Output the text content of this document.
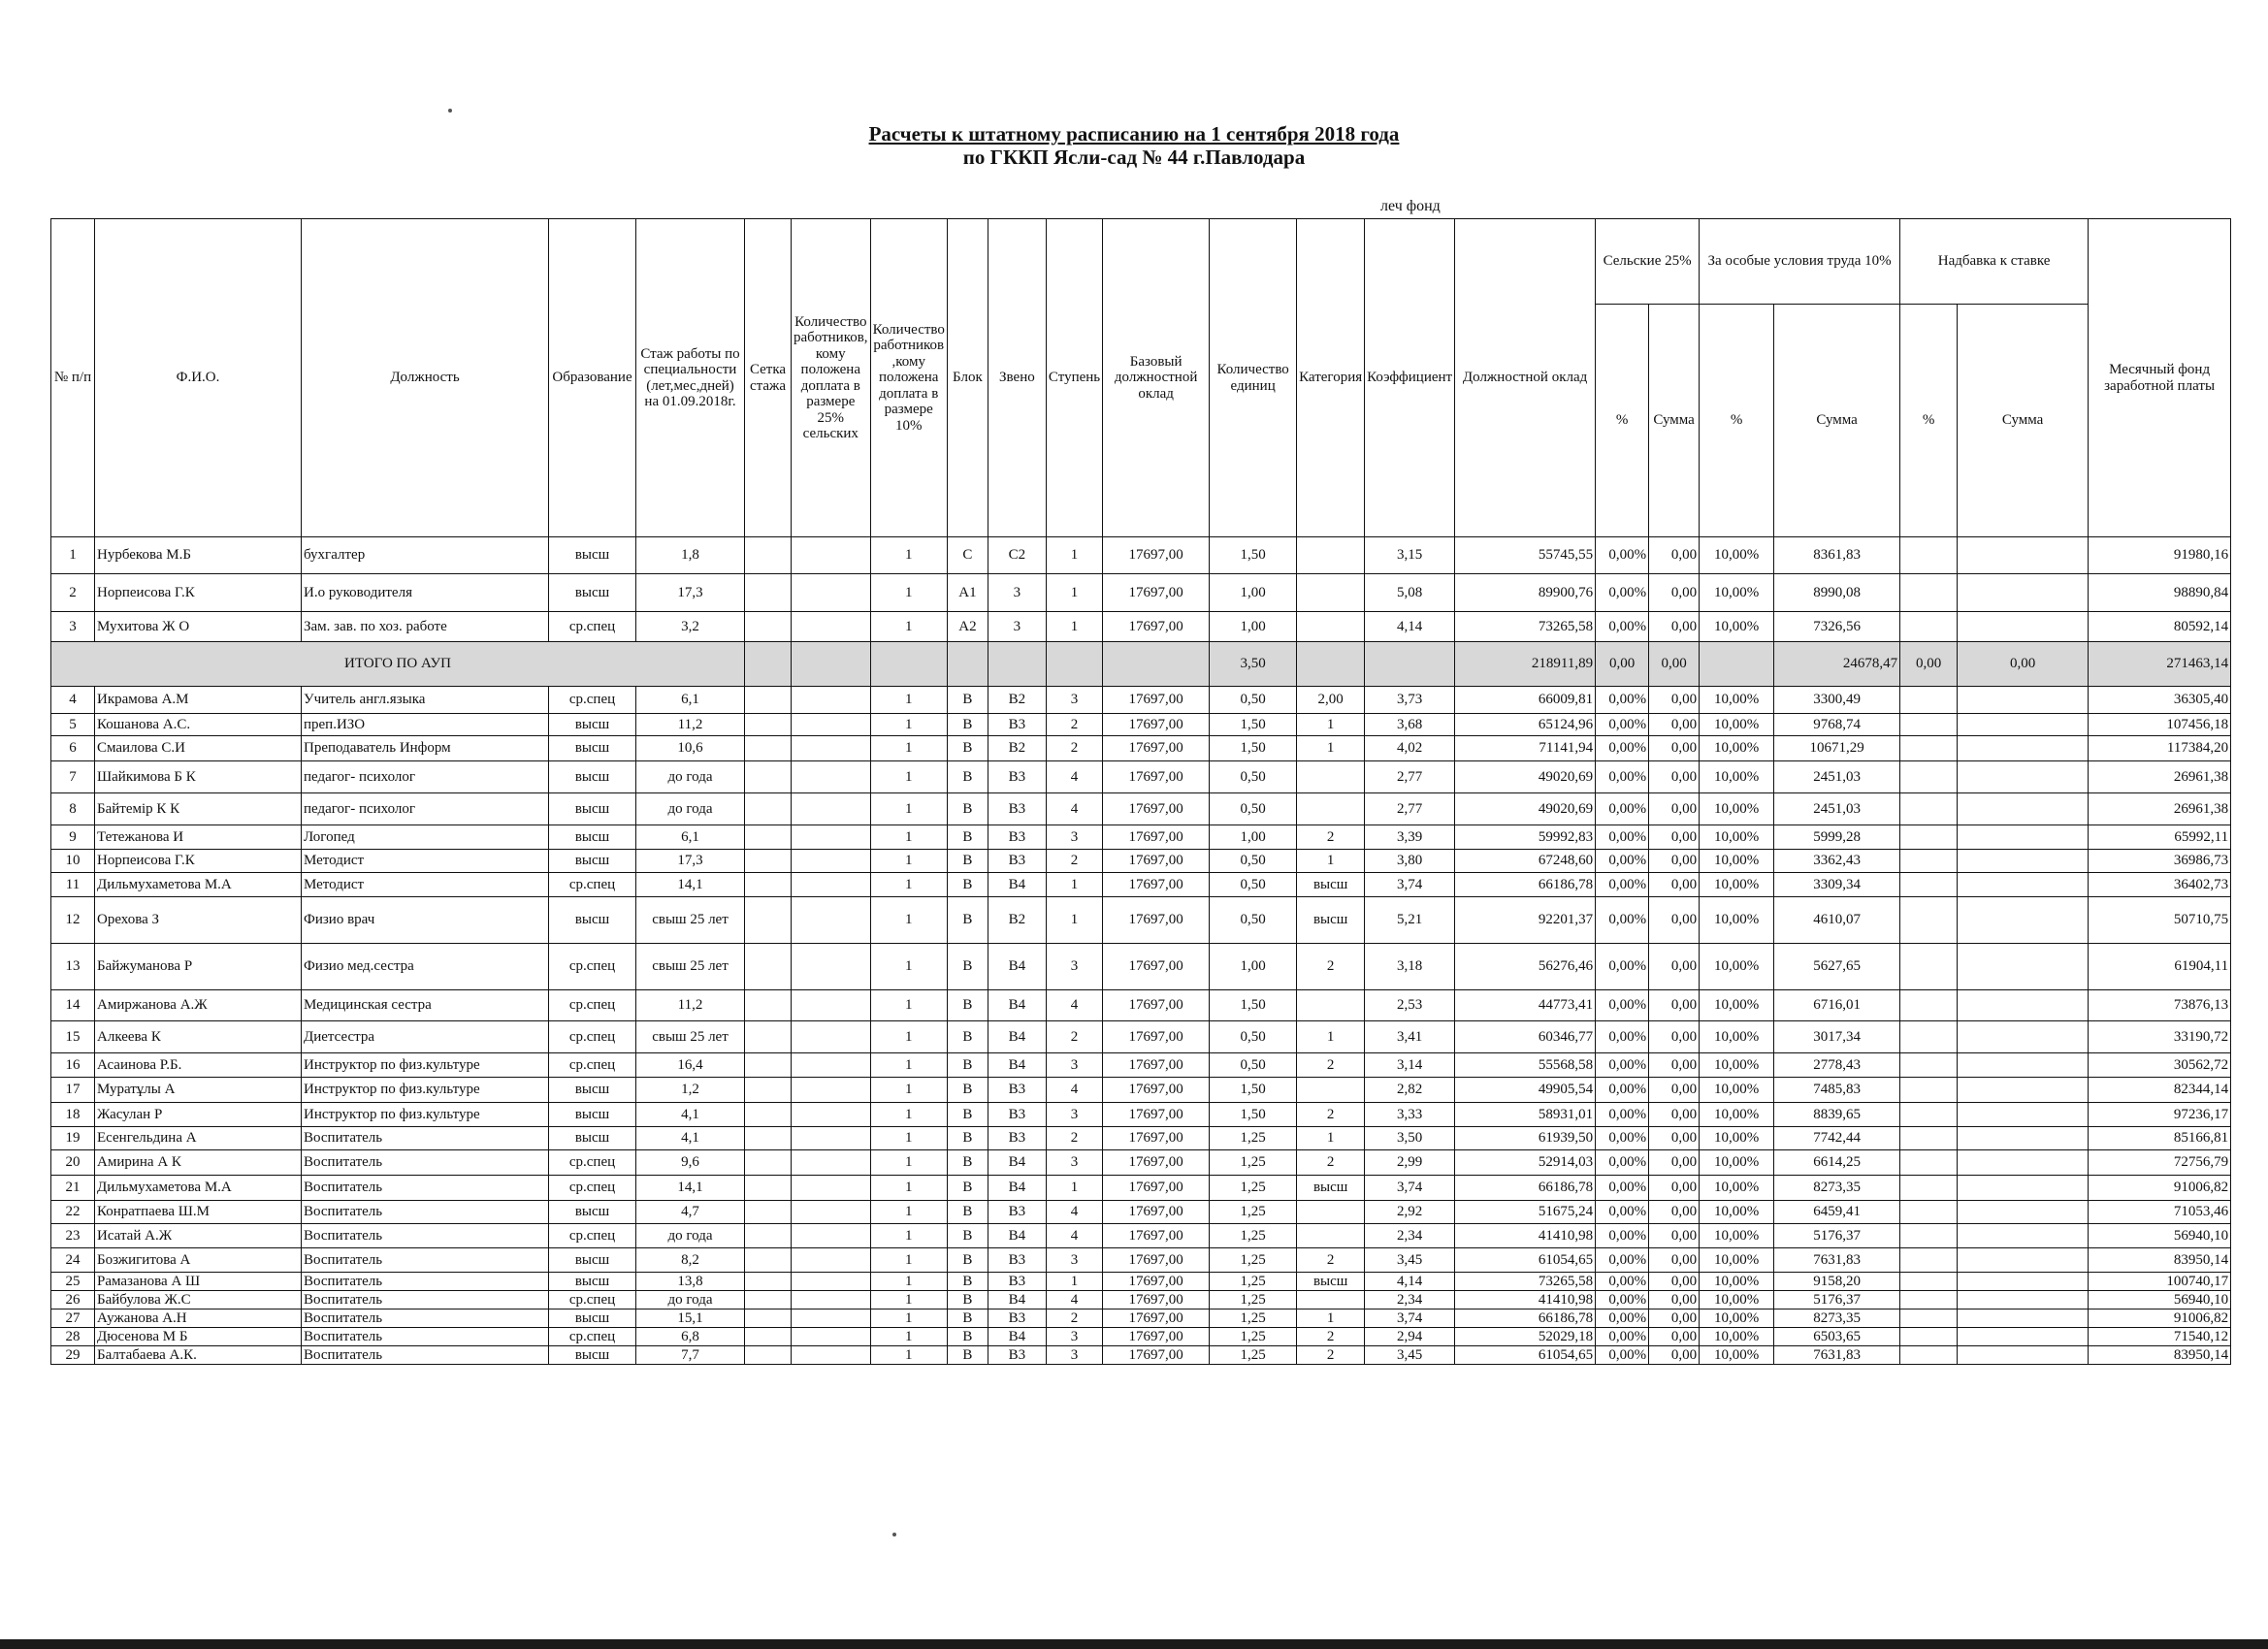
Расчеты к штатному расписанию на 1 сентября 2018 года
по ГККП Ясли-сад № 44 г.Павлодара
леч фонд
№ п/п	Ф.И.О.	Должность	Образование	Стаж работы по специальности (лет,мес,дней) на 01.09.2018г.	Сетка стажа	Количество работников, кому положена доплата в размере 25% сельских	Количество работников ,кому положена доплата в размере 10%	Блок	Звено	Ступень	Базовый должностной оклад	Количество единиц	Категория	Коэффициент	Должностной оклад	Сельские 25%		За особые условия труда 10%		Надбавка к ставке		Месячный фонд заработной платы
																%	Сумма	%	Сумма	%	Сумма	
1	Нурбекова М.Б	бухгалтер	высш	1,8			1	С	С2	1	17697,00	1,50		3,15	55745,55	0,00%	0,00	10,00%	8361,83			91980,16
2	Норпеисова Г.К	И.о руководителя	высш	17,3			1	А1	3	1	17697,00	1,00		5,08	89900,76	0,00%	0,00	10,00%	8990,08			98890,84
3	Мухитова Ж О	Зам. зав. по хоз. работе	ср.спец	3,2			1	А2	3	1	17697,00	1,00		4,14	73265,58	0,00%	0,00	10,00%	7326,56			80592,14
ИТОГО ПО АУП												3,50			218911,89	0,00	0,00		24678,47	0,00	0,00	271463,14
4	Икрамова А.М	Учитель англ.языка	ср.спец	6,1			1	В	В2	3	17697,00	0,50	2,00	3,73	66009,81	0,00%	0,00	10,00%	3300,49			36305,40
5	Кошанова А.С.	преп.ИЗО	высш	11,2			1	В	В3	2	17697,00	1,50	1	3,68	65124,96	0,00%	0,00	10,00%	9768,74			107456,18
6	Смаилова С.И	Преподаватель Информ	высш	10,6			1	В	В2	2	17697,00	1,50	1	4,02	71141,94	0,00%	0,00	10,00%	10671,29			117384,20
7	Шайкимова Б К	педагог- психолог	высш	до года			1	В	В3	4	17697,00	0,50		2,77	49020,69	0,00%	0,00	10,00%	2451,03			26961,38
8	Байтемір К К	педагог- психолог	высш	до года			1	В	В3	4	17697,00	0,50		2,77	49020,69	0,00%	0,00	10,00%	2451,03			26961,38
9	Тетежанова И	Логопед	высш	6,1			1	В	В3	3	17697,00	1,00	2	3,39	59992,83	0,00%	0,00	10,00%	5999,28			65992,11
10	Норпеисова Г.К	Методист	высш	17,3			1	В	В3	2	17697,00	0,50	1	3,80	67248,60	0,00%	0,00	10,00%	3362,43			36986,73
11	Дильмухаметова М.А	Методист	ср.спец	14,1			1	В	В4	1	17697,00	0,50	высш	3,74	66186,78	0,00%	0,00	10,00%	3309,34			36402,73
12	Орехова З	Физио врач	высш	свыш 25 лет			1	В	В2	1	17697,00	0,50	высш	5,21	92201,37	0,00%	0,00	10,00%	4610,07			50710,75
13	Байжуманова Р	Физио мед.сестра	ср.спец	свыш 25 лет			1	В	В4	3	17697,00	1,00	2	3,18	56276,46	0,00%	0,00	10,00%	5627,65			61904,11
14	Амиржанова А.Ж	Медицинская сестра	ср.спец	11,2			1	В	В4	4	17697,00	1,50		2,53	44773,41	0,00%	0,00	10,00%	6716,01			73876,13
15	Алкеева К	Диетсестра	ср.спец	свыш 25 лет			1	В	В4	2	17697,00	0,50	1	3,41	60346,77	0,00%	0,00	10,00%	3017,34			33190,72
16	Асаинова Р.Б.	Инструктор по физ.культуре	ср.спец	16,4			1	В	В4	3	17697,00	0,50	2	3,14	55568,58	0,00%	0,00	10,00%	2778,43			30562,72
17	Муратұлы А	Инструктор по физ.культуре	высш	1,2			1	В	В3	4	17697,00	1,50		2,82	49905,54	0,00%	0,00	10,00%	7485,83			82344,14
18	Жасулан Р	Инструктор по физ.культуре	высш	4,1			1	В	В3	3	17697,00	1,50	2	3,33	58931,01	0,00%	0,00	10,00%	8839,65			97236,17
19	Есенгельдина А	Воспитатель	высш	4,1			1	В	В3	2	17697,00	1,25	1	3,50	61939,50	0,00%	0,00	10,00%	7742,44			85166,81
20	Амирина А К	Воспитатель	ср.спец	9,6			1	В	В4	3	17697,00	1,25	2	2,99	52914,03	0,00%	0,00	10,00%	6614,25			72756,79
21	Дильмухаметова М.А	Воспитатель	ср.спец	14,1			1	В	В4	1	17697,00	1,25	высш	3,74	66186,78	0,00%	0,00	10,00%	8273,35			91006,82
22	Конратпаева Ш.М	Воспитатель	высш	4,7			1	В	В3	4	17697,00	1,25		2,92	51675,24	0,00%	0,00	10,00%	6459,41			71053,46
23	Исатай А.Ж	Воспитатель	ср.спец	до года			1	В	В4	4	17697,00	1,25		2,34	41410,98	0,00%	0,00	10,00%	5176,37			56940,10
24	Бозжигитова А	Воспитатель	высш	8,2			1	В	В3	3	17697,00	1,25	2	3,45	61054,65	0,00%	0,00	10,00%	7631,83			83950,14
25	Рамазанова А Ш	Воспитатель	высш	13,8			1	В	В3	1	17697,00	1,25	высш	4,14	73265,58	0,00%	0,00	10,00%	9158,20			100740,17
26	Байбулова Ж.С	Воспитатель	ср.спец	до года			1	В	В4	4	17697,00	1,25		2,34	41410,98	0,00%	0,00	10,00%	5176,37			56940,10
27	Аужанова А.Н	Воспитатель	высш	15,1			1	В	В3	2	17697,00	1,25	1	3,74	66186,78	0,00%	0,00	10,00%	8273,35			91006,82
28	Дюсенова М Б	Воспитатель	ср.спец	6,8			1	В	В4	3	17697,00	1,25	2	2,94	52029,18	0,00%	0,00	10,00%	6503,65			71540,12
29	Балтабаева А.К.	Воспитатель	высш	7,7			1	В	В3	3	17697,00	1,25	2	3,45	61054,65	0,00%	0,00	10,00%	7631,83			83950,14
